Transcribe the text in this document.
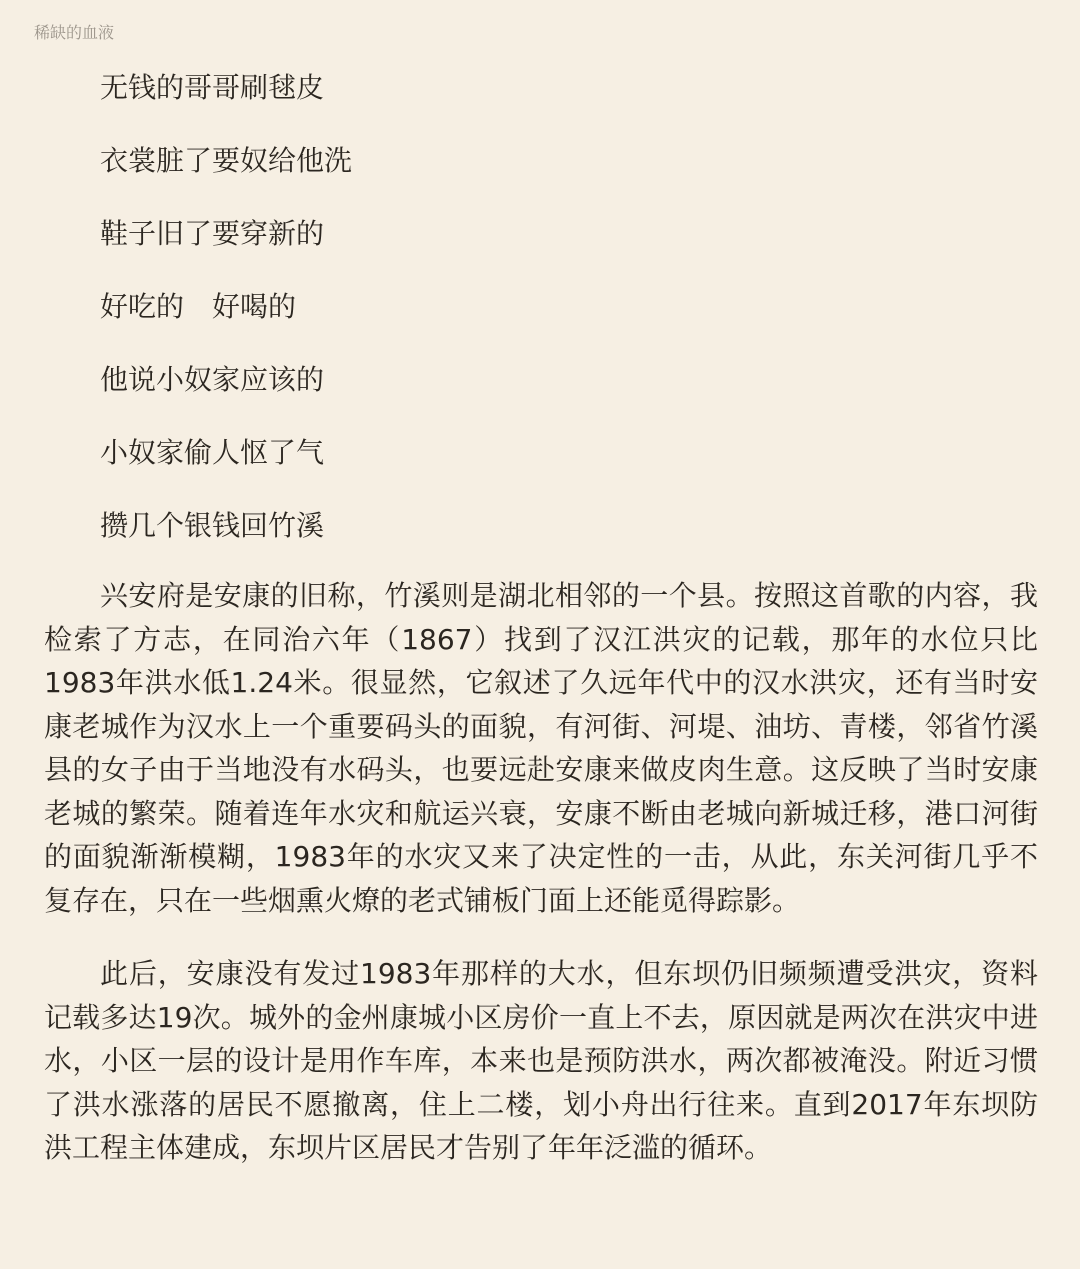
稀缺的血液
无钱的哥哥刷毬皮
衣裳脏了要奴给他洗
鞋子旧了要穿新的
好吃的　好喝的
他说小奴家应该的
小奴家偷人怄了气
攒几个银钱回竹溪

兴安府是安康的旧称，竹溪则是湖北相邻的一个县。按照这首歌的内容，我检索了方志，在同治六年（1867）找到了汉江洪灾的记载，那年的水位只比1983年洪水低1.24米。很显然，它叙述了久远年代中的汉水洪灾，还有当时安康老城作为汉水上一个重要码头的面貌，有河街、河堤、油坊、青楼，邻省竹溪县的女子由于当地没有水码头，也要远赴安康来做皮肉生意。这反映了当时安康老城的繁荣。随着连年水灾和航运兴衰，安康不断由老城向新城迁移，港口河街的面貌渐渐模糊，1983年的水灾又来了决定性的一击，从此，东关河街几乎不复存在，只在一些烟熏火燎的老式铺板门面上还能觅得踪影。

此后，安康没有发过1983年那样的大水，但东坝仍旧频频遭受洪灾，资料记载多达19次。城外的金州康城小区房价一直上不去，原因就是两次在洪灾中进水，小区一层的设计是用作车库，本来也是预防洪水，两次都被淹没。附近习惯了洪水涨落的居民不愿撤离，住上二楼，划小舟出行往来。直到2017年东坝防洪工程主体建成，东坝片区居民才告别了年年泛滥的循环。
